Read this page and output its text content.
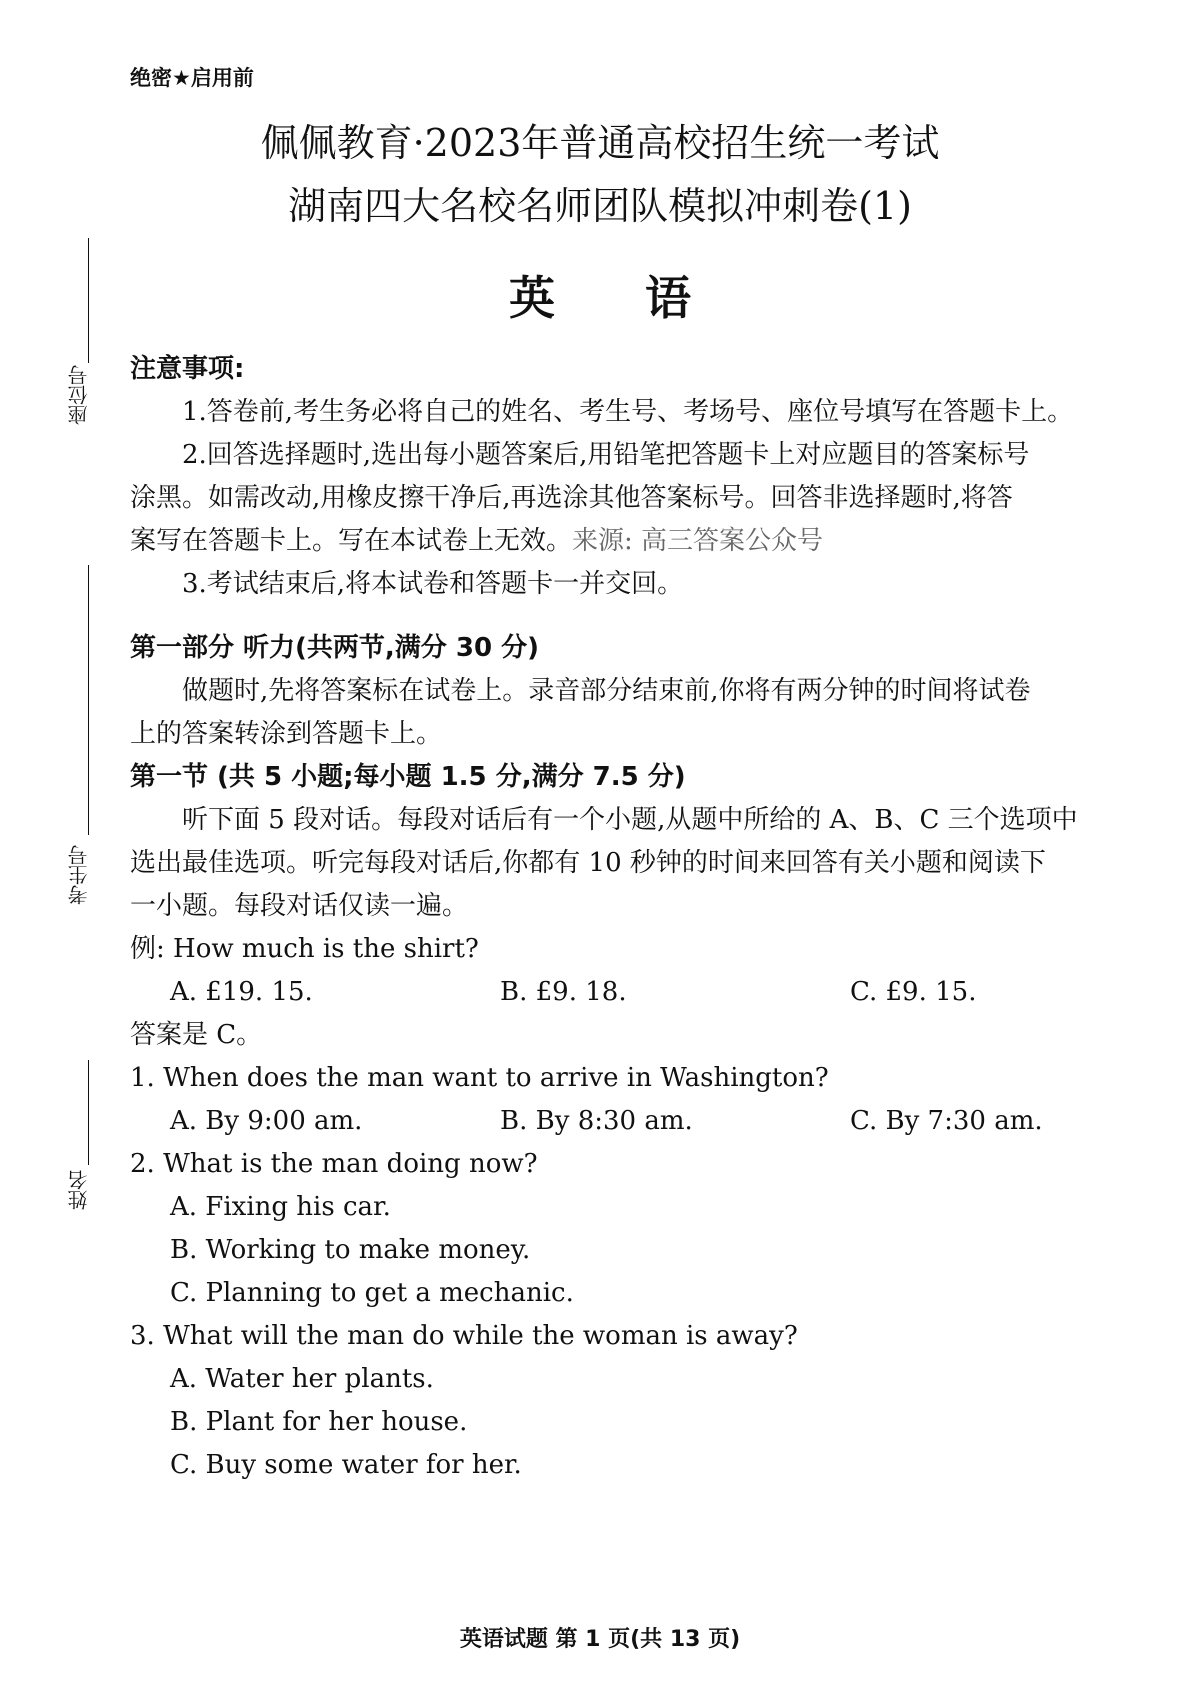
绝密★启用前
佩佩教育·2023年普通高校招生统一考试
湖南四大名校名师团队模拟冲刺卷(1)
英语
座位号
考生号
姓名

注意事项:

1.答卷前,考生务必将自己的姓名、考生号、考场号、座位号填写在答题卡上。

2.回答选择题时,选出每小题答案后,用铅笔把答题卡上对应题目的答案标号

涂黑。如需改动,用橡皮擦干净后,再选涂其他答案标号。回答非选择题时,将答

案写在答题卡上。写在本试卷上无效。来源: 高三答案公众号

3.考试结束后,将本试卷和答题卡一并交回。

第一部分 听力(共两节,满分 30 分)

做题时,先将答案标在试卷上。录音部分结束前,你将有两分钟的时间将试卷

上的答案转涂到答题卡上。

第一节 (共 5 小题;每小题 1.5 分,满分 7.5 分)

听下面 5 段对话。每段对话后有一个小题,从题中所给的 A、B、C 三个选项中

选出最佳选项。听完每段对话后,你都有 10 秒钟的时间来回答有关小题和阅读下

一小题。每段对话仅读一遍。

例: How much is the shirt?

A. £19. 15.	B. £9. 18.	C. £9. 15.

答案是 C。

1. When does the man want to arrive in Washington?

A. By 9:00 am.	B. By 8:30 am.	C. By 7:30 am.

2. What is the man doing now?

A. Fixing his car.

B. Working to make money.

C. Planning to get a mechanic.

3. What will the man do while the woman is away?

A. Water her plants.

B. Plant for her house.

C. Buy some water for her.

英语试题 第 1 页(共 13 页)
